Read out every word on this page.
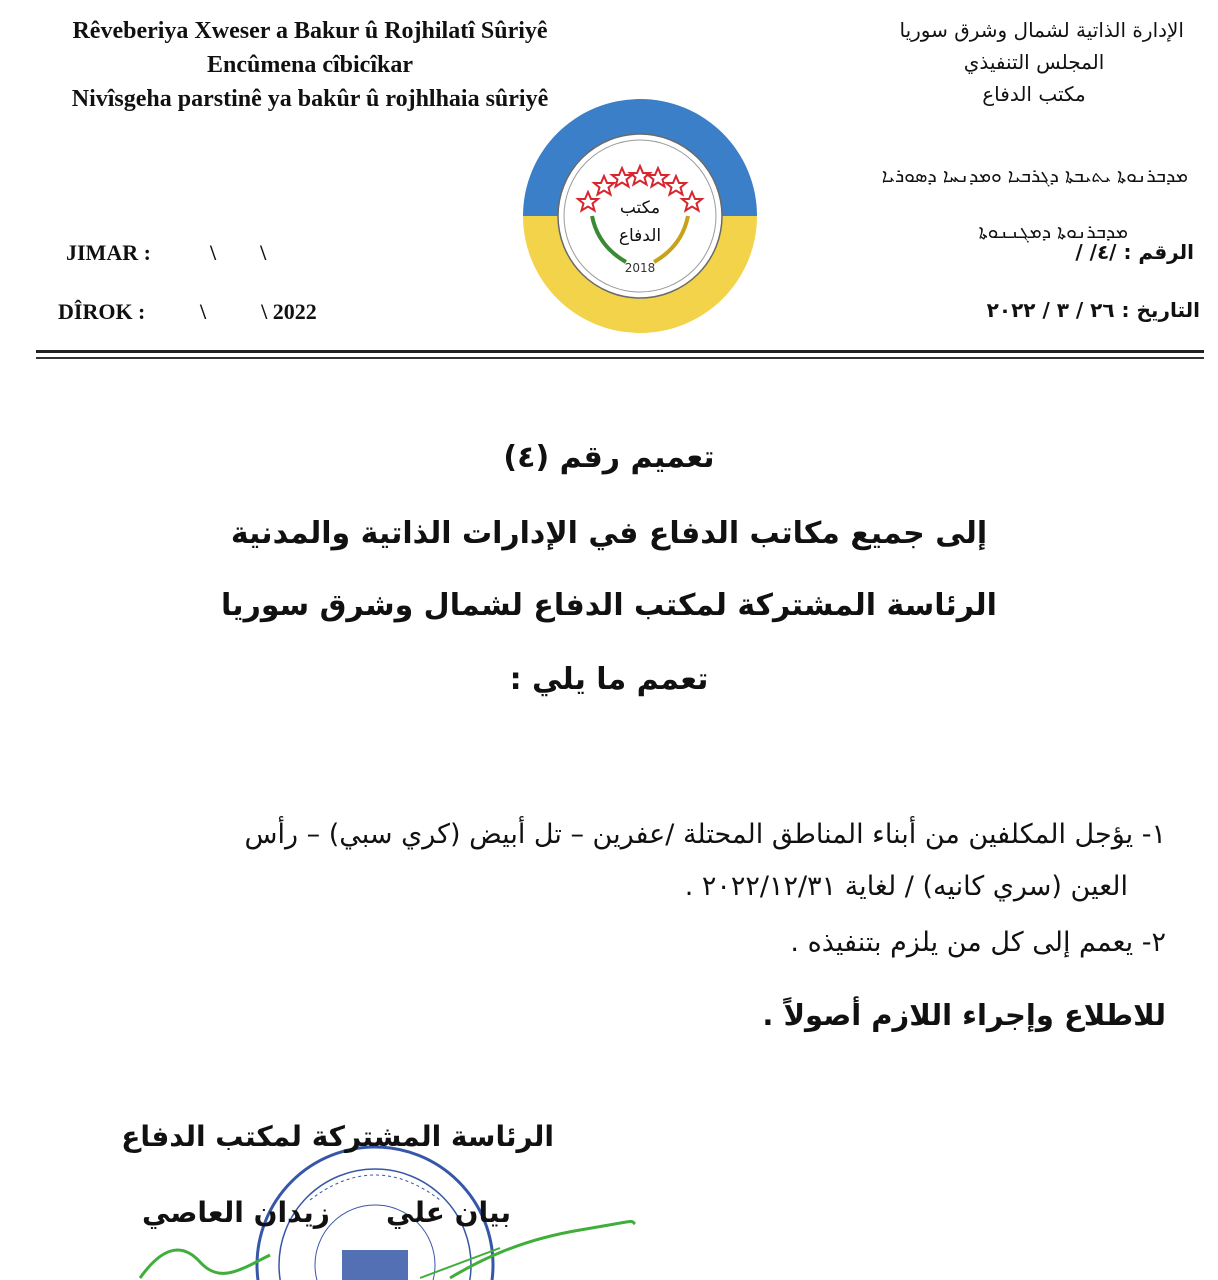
Rêveberiya Xweser a Bakur û Rojhilatî Sûriyê
Encûmena cîbicîkar
Nivîsgeha parstinê ya bakûr û rojhlhaia sûriyê
الإدارة الذاتية لشمال وشرق سوريا
المجلس التنفيذي
مكتب الدفاع
ܡܕܒܪܢܘܬܐ ܝܬܝܒܬܐ ܕܓܪܒܝܐ ܘܡܕܢܚܐ ܕܣܘܪܝܐ
ܡܕܒܪܢܘܬܐ ܕܡܓܢܢܘܬܐ
JIMAR :	\        \
DÎROK : \          \ 2022
الرقم : /٤/ /
التاريخ : ٢٦ / ٣ / ٢٠٢٢
مكتب
الدفاع
2018
تعميم رقم (٤)
إلى جميع مكاتب الدفاع في الإدارات الذاتية والمدنية
الرئاسة المشتركة لمكتب الدفاع لشمال وشرق سوريا
تعمم ما يلي :
١- يؤجل المكلفين من أبناء المناطق المحتلة /عفرين – تل أبيض (كري سبي) – رأس
العين (سري كانيه) / لغاية ٢٠٢٢/١٢/٣١ .
٢- يعمم إلى كل من يلزم بتنفيذه .
للاطلاع وإجراء اللازم أصولاً .
الرئاسة المشتركة لمكتب الدفاع
بيان علي
زيدان العاصي
